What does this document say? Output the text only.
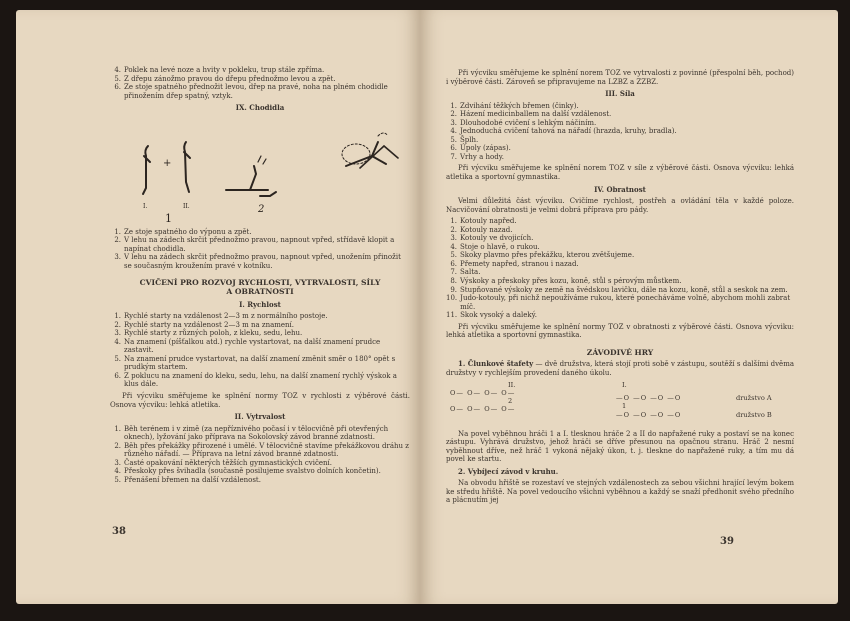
4. Poklek na levé noze a hvity v pokleku, trup stále zpříma.
5. Z dřepu zánožmo pravou do dřepu přednožmo levou a zpět.
6. Ze stoje spatného přednožit levou, dřep na pravé, noha na plném chodidle přinožením dřep spatný, vztyk.
IX. Chodidla
+
I.	II.
1
2
1. Ze stoje spatného do výponu a zpět.
2. V lehu na zádech skrčit přednožmo pravou, napnout vpřed, střídavě klopit a napínat chodidla.
3. V lehu na zádech skrčit přednožmo pravou, napnout vpřed, unožením přinožit se současným kroužením pravé v kotníku.
CVIČENÍ PRO ROZVOJ RYCHLOSTI, VYTRVALOSTI, SÍLY
A OBRATNOSTI
I. Rychlost
1. Rychlé starty na vzdálenost 2—3 m z normálního postoje.
2. Rychlé starty na vzdálenost 2—3 m na znamení.
3. Rychlé starty z různých poloh, z kleku, sedu, lehu.
4. Na znamení (píšťalkou atd.) rychle vystartovat, na další znamení prudce zastavit.
5. Na znamení prudce vystartovat, na další znamení změnit směr o 180° opět s prudkým startem.
6. Z pokluсu na znamení do kleku, sedu, lehu, na další znamení rychlý výskok a klus dále.
Při výcviku směřujeme ke splnění normy TOZ v rychlosti z výběrové části. Osnova výcviku: lehká atletika.
II. Vytrvalost
1. Běh terénem i v zimě (za nepříznivého počasí i v tělocvičně při otevřených oknech), lyžování jako příprava na Sokolovský závod branné zdatnosti.
2. Běh přes překážky přirozené i umělé. V tělocvičně stavíme překážkovou dráhu z různého nářadí. — Příprava na letní závod branné zdatnosti.
3. Časté opakování některých těžších gymnastických cvičení.
4. Přeskoky přes švihadla (současně posilujeme svalstvo dolních končetin).
5. Přenášení břemen na další vzdálenost.
38
Při výcviku směřujeme ke splnění norem TOZ ve vytrvalosti z povinné (přespolní běh, pochod) i výběrové části. Zároveň se připravujeme na LZBZ a ZZBZ.
III. Síla
1. Zdvihání těžkých břemen (činky).
2. Házení medicinballem na další vzdálenost.
3. Dlouhodobé cvičení s lehkým náčiním.
4. Jednoduchá cvičení tahová na nářadí (hrazda, kruhy, bradla).
5. Šplh.
6. Úpoly (zápas).
7. Vrhy a hody.
Při výcviku směřujeme ke splnění norem TOZ v síle z výběrové části. Osnova výcviku: lehká atletika a sportovní gymnastika.
IV. Obratnost
Velmi důležitá část výcviku. Cvičíme rychlost, postřeh a ovládání těla v každé poloze. Nacvičování obratnosti je velmi dobrá příprava pro pády.
1. Kotouly napřed.
2. Kotouly nazad.
3. Kotouly ve dvojicích.
4. Stoje o hlavě, o rukou.
5. Skoky plavmo přes překážku, kterou zvětšujeme.
6. Přemety napřed, stranou i nazad.
7. Salta.
8. Výskoky a přeskoky přes kozu, koně, stůl s pérovým můstkem.
9. Stupňované výskoky ze země na švédskou lavičku, dále na kozu, koně, stůl a seskok na zem.
10. Judo-kotouly, při nichž nepoužíváme rukou, které ponecháváme volně, abychom mohli zabrat míč.
11. Skok vysoký a daleký.
Při výcviku směřujeme ke splnění normy TOZ v obratnosti z výběrové části. Osnova výcviku: lehká atletika a sportovní gymnastika.
ZÁVODIVÉ HRY
1. Člunkové štafety — dvě družstva, která stojí proti sobě v zástupu, soutěží s dalšími dvěma družstvy v rychlejším provedení daného úkolu.
II.	I.
O— O— O— O—
—O —O —O —O	družstvo A
2
1
O— O— O— O—
—O —O —O —O	družstvo B
Na povel vyběhnou hráči 1 a I. tlesknou hráče 2 a II do napřažené ruky a postaví se na konec zástupu. Vyhrává družstvo, jehož hráči se dříve přesunou na opačnou stranu. Hráč 2 nesmí vyběhnout dříve, než hráč 1 vykoná nějaký úkon, t. j. tleskne do napřažené ruky, a tím mu dá povel ke startu.
2. Vybíjecí závod v kruhu.
Na obvodu hřiště se rozestaví ve stejných vzdálenostech za sebou všichni hrající levým bokem ke středu hřiště. Na povel vedoucího všichni vyběhnou a každý se snaží předhonit svého předního a plácnutím jej
39
